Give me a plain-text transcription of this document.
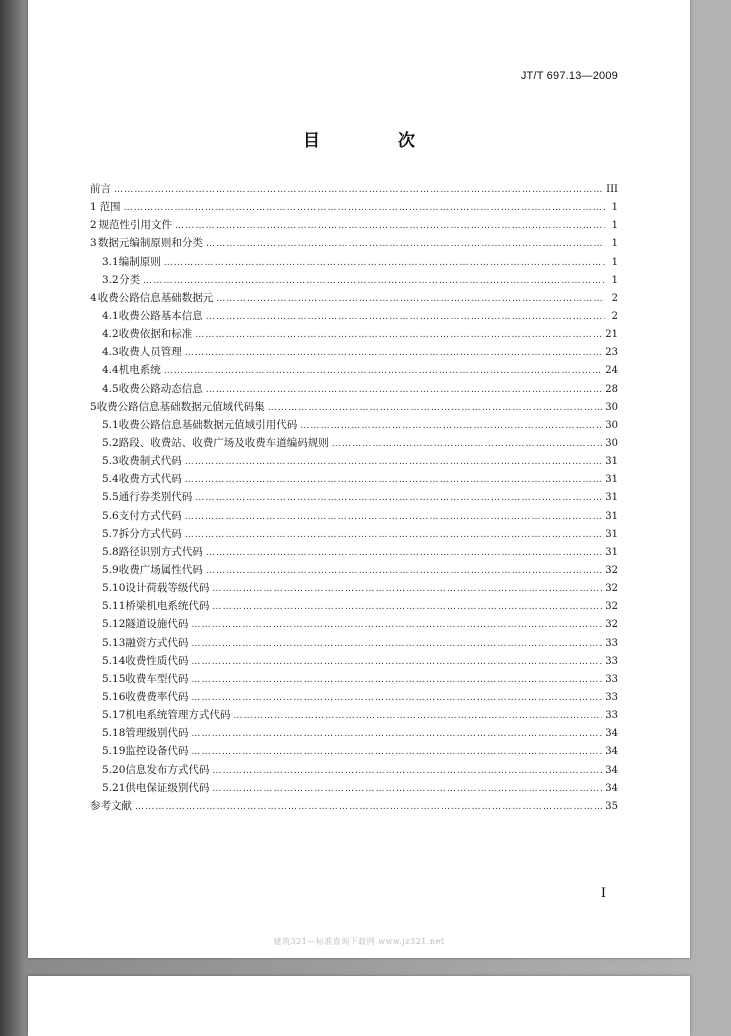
JT/T 697.13—2009
目 次
前言 ……………………………………………………………………………………………………………………………………………………………………………………………………	III
1 范围 ……………………………………………………………………………………………………………………………………………………………………………………………………	1
2 规范性引用文件 ……………………………………………………………………………………………………………………………………………………………………………………………………	1
3 数据元编制原则和分类 ……………………………………………………………………………………………………………………………………………………………………………………………………	1
3.1 编制原则 ……………………………………………………………………………………………………………………………………………………………………………………………………	1
3.2 分类 ……………………………………………………………………………………………………………………………………………………………………………………………………	1
4 收费公路信息基础数据元 ……………………………………………………………………………………………………………………………………………………………………………………………………	2
4.1 收费公路基本信息 ……………………………………………………………………………………………………………………………………………………………………………………………………	2
4.2 收费依据和标准 ……………………………………………………………………………………………………………………………………………………………………………………………………	21
4.3 收费人员管理 ……………………………………………………………………………………………………………………………………………………………………………………………………	23
4.4 机电系统 ……………………………………………………………………………………………………………………………………………………………………………………………………	24
4.5 收费公路动态信息 ……………………………………………………………………………………………………………………………………………………………………………………………………	28
5 收费公路信息基础数据元值域代码集 ……………………………………………………………………………………………………………………………………………………………………………………………………	30
5.1 收费公路信息基础数据元值域引用代码 ……………………………………………………………………………………………………………………………………………………………………………………………………	30
5.2 路段、收费站、收费广场及收费车道编码规则 ……………………………………………………………………………………………………………………………………………………………………………………………………	30
5.3 收费制式代码 ……………………………………………………………………………………………………………………………………………………………………………………………………	31
5.4 收费方式代码 ……………………………………………………………………………………………………………………………………………………………………………………………………	31
5.5 通行券类别代码 ……………………………………………………………………………………………………………………………………………………………………………………………………	31
5.6 支付方式代码 ……………………………………………………………………………………………………………………………………………………………………………………………………	31
5.7 拆分方式代码 ……………………………………………………………………………………………………………………………………………………………………………………………………	31
5.8 路径识别方式代码 ……………………………………………………………………………………………………………………………………………………………………………………………………	31
5.9 收费广场属性代码 ……………………………………………………………………………………………………………………………………………………………………………………………………	32
5.10 设计荷载等级代码 ……………………………………………………………………………………………………………………………………………………………………………………………………	32
5.11 桥梁机电系统代码 ……………………………………………………………………………………………………………………………………………………………………………………………………	32
5.12 隧道设施代码 ……………………………………………………………………………………………………………………………………………………………………………………………………	32
5.13 融资方式代码 ……………………………………………………………………………………………………………………………………………………………………………………………………	33
5.14 收费性质代码 ……………………………………………………………………………………………………………………………………………………………………………………………………	33
5.15 收费车型代码 ……………………………………………………………………………………………………………………………………………………………………………………………………	33
5.16 收费费率代码 ……………………………………………………………………………………………………………………………………………………………………………………………………	33
5.17 机电系统管理方式代码 ……………………………………………………………………………………………………………………………………………………………………………………………………	33
5.18 管理级别代码 ……………………………………………………………………………………………………………………………………………………………………………………………………	34
5.19 监控设备代码 ……………………………………………………………………………………………………………………………………………………………………………………………………	34
5.20 信息发布方式代码 ……………………………………………………………………………………………………………………………………………………………………………………………………	34
5.21 供电保证级别代码 ……………………………………………………………………………………………………………………………………………………………………………………………………	34
参考文献 ……………………………………………………………………………………………………………………………………………………………………………………………………	35
I
建筑321—标准查询下载网 www.jz321.net
